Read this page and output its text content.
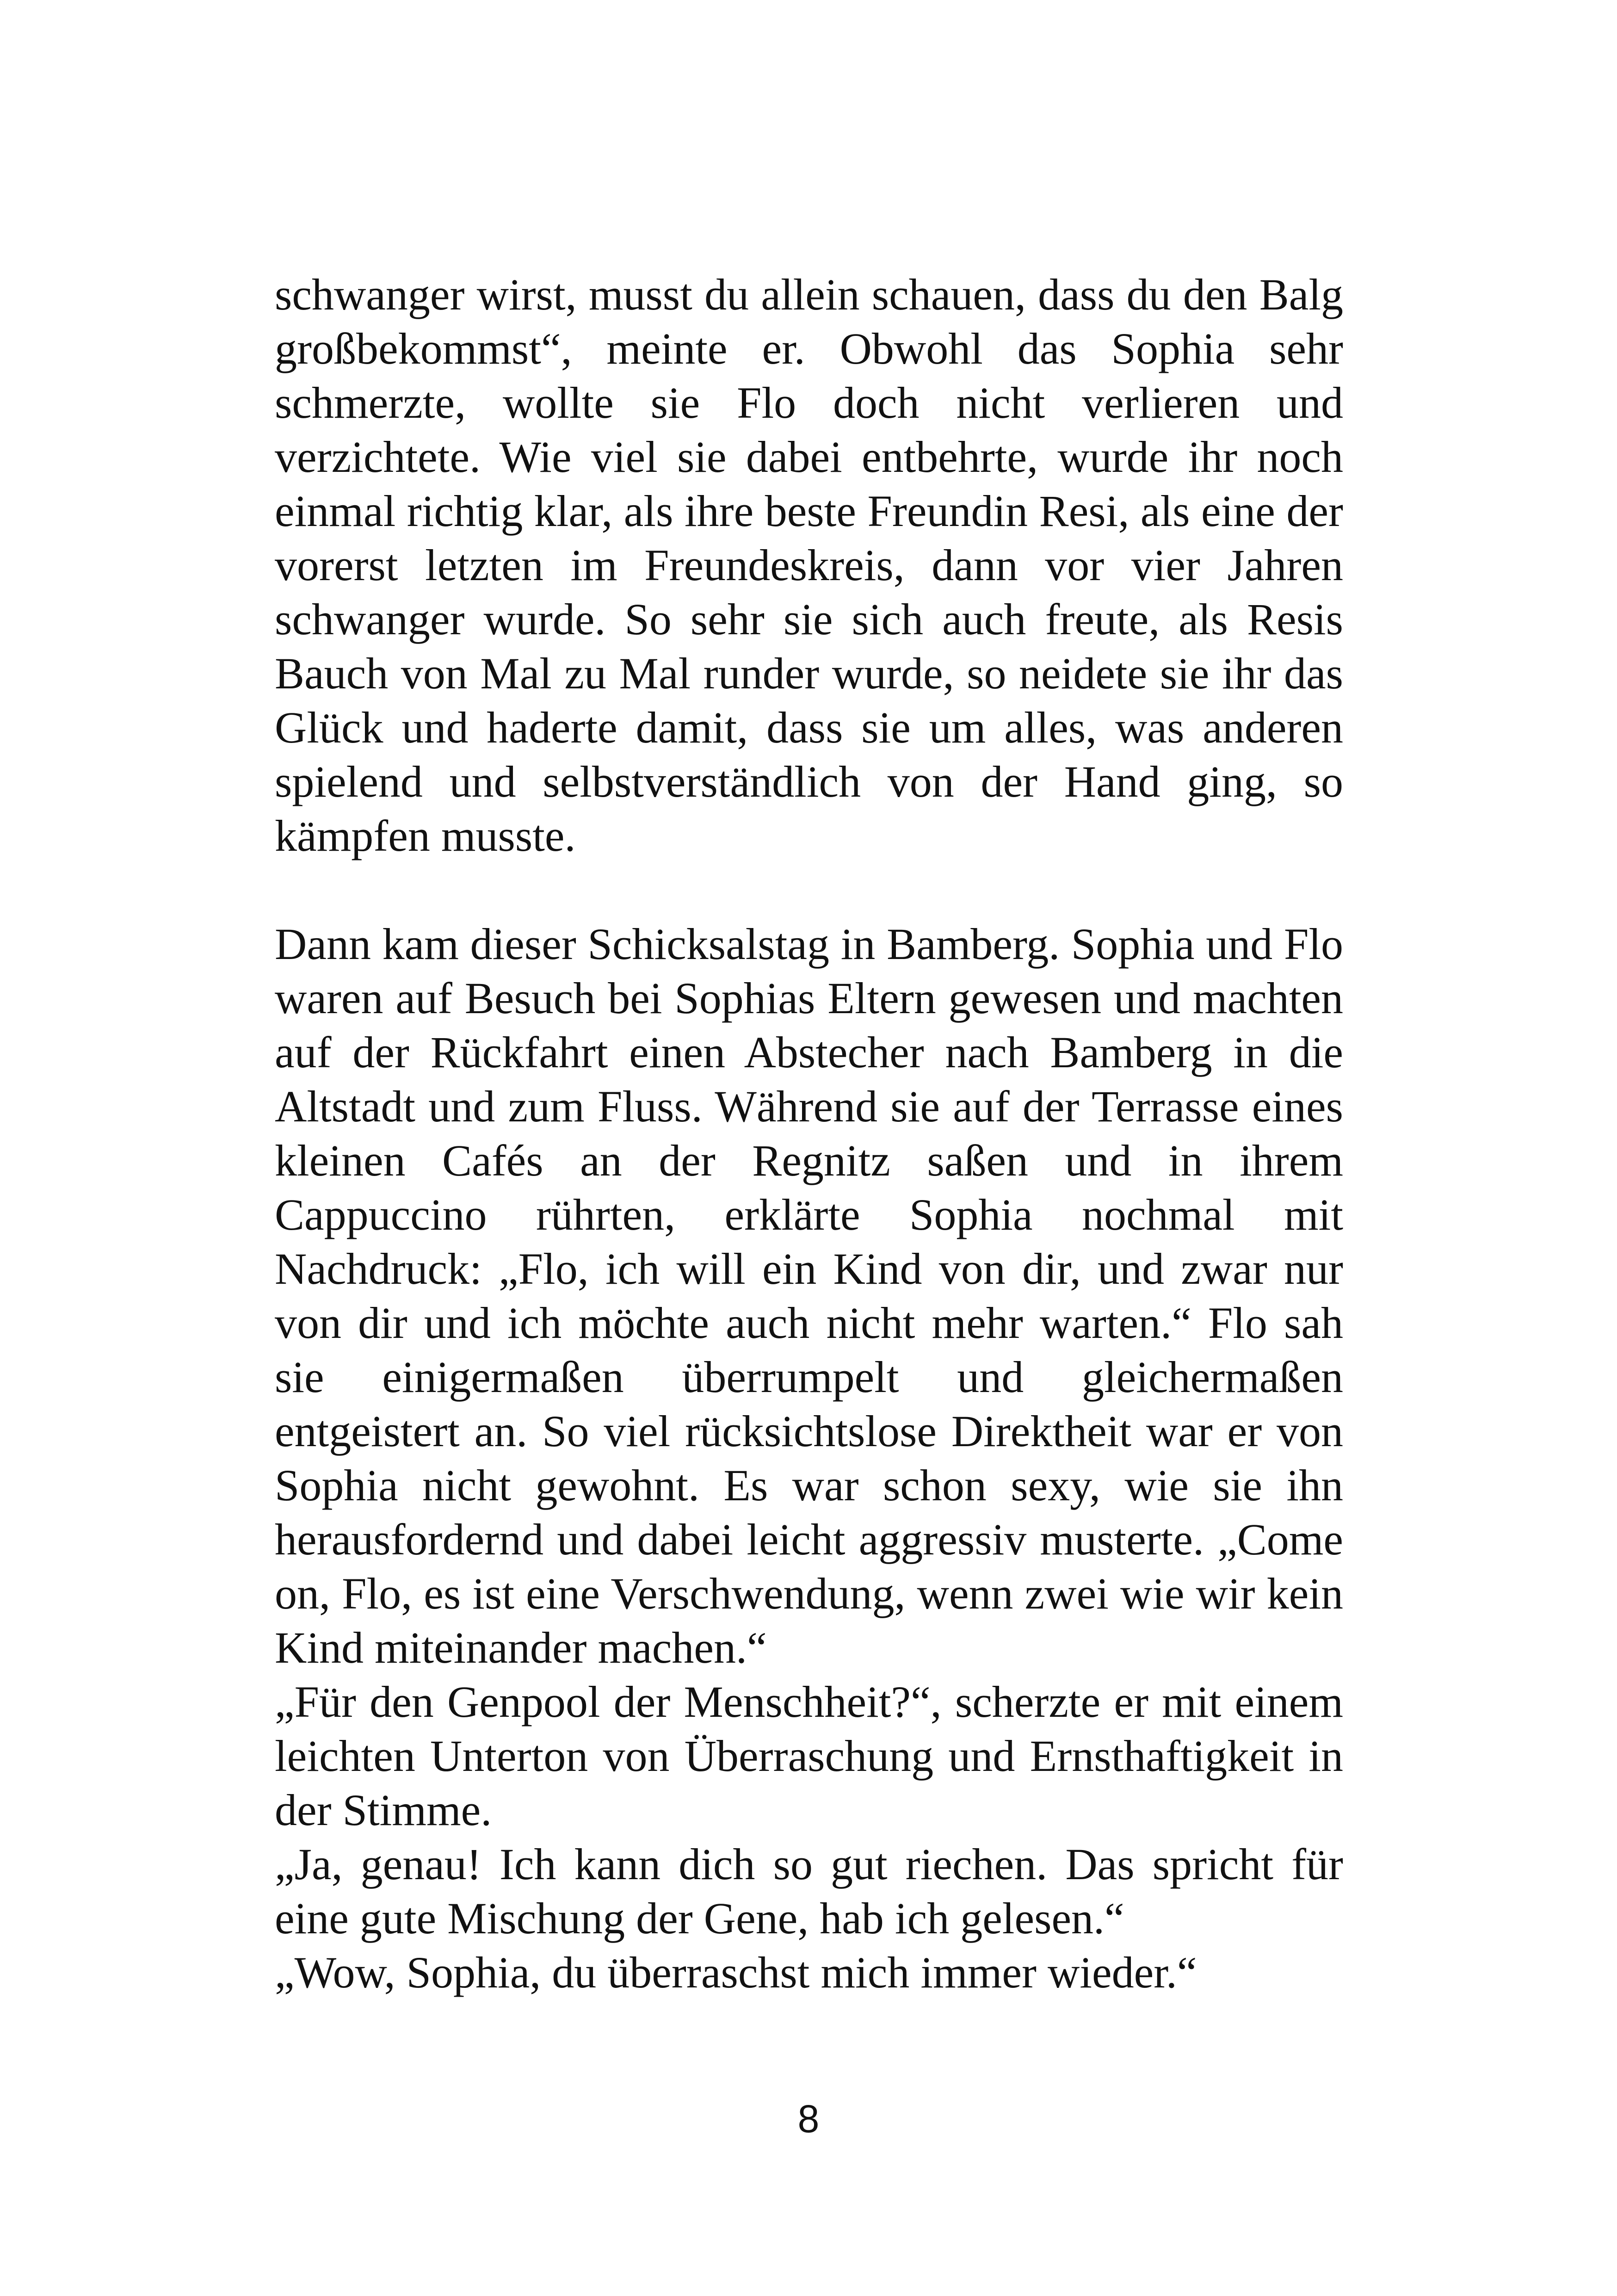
schwanger wirst, musst du allein schauen, dass du den Balg großbekommst“, meinte er. Obwohl das Sophia sehr schmerzte, wollte sie Flo doch nicht verlieren und verzichtete. Wie viel sie dabei entbehrte, wurde ihr noch einmal richtig klar, als ihre beste Freundin Resi, als eine der vorerst letzten im Freundeskreis, dann vor vier Jahren schwanger wurde. So sehr sie sich auch freute, als Resis Bauch von Mal zu Mal runder wurde, so neidete sie ihr das Glück und haderte damit, dass sie um alles, was anderen spielend und selbstverständlich von der Hand ging, so kämpfen musste.

Dann kam dieser Schicksalstag in Bamberg. Sophia und Flo waren auf Besuch bei Sophias Eltern gewesen und machten auf der Rückfahrt einen Abstecher nach Bamberg in die Altstadt und zum Fluss. Während sie auf der Terrasse eines kleinen Cafés an der Regnitz saßen und in ihrem Cappuccino rührten, erklärte Sophia nochmal mit Nachdruck: „Flo, ich will ein Kind von dir, und zwar nur von dir und ich möchte auch nicht mehr warten.“ Flo sah sie einigermaßen überrumpelt und gleichermaßen entgeistert an. So viel rücksichtslose Direktheit war er von Sophia nicht gewohnt. Es war schon sexy, wie sie ihn herausfordernd und dabei leicht aggressiv musterte. „Come on, Flo, es ist eine Verschwendung, wenn zwei wie wir kein Kind miteinander machen.“

„Für den Genpool der Menschheit?“, scherzte er mit einem leichten Unterton von Überraschung und Ernsthaftigkeit in der Stimme.

„Ja, genau! Ich kann dich so gut riechen. Das spricht für eine gute Mischung der Gene, hab ich gelesen.“

„Wow, Sophia, du überraschst mich immer wieder.“

8
